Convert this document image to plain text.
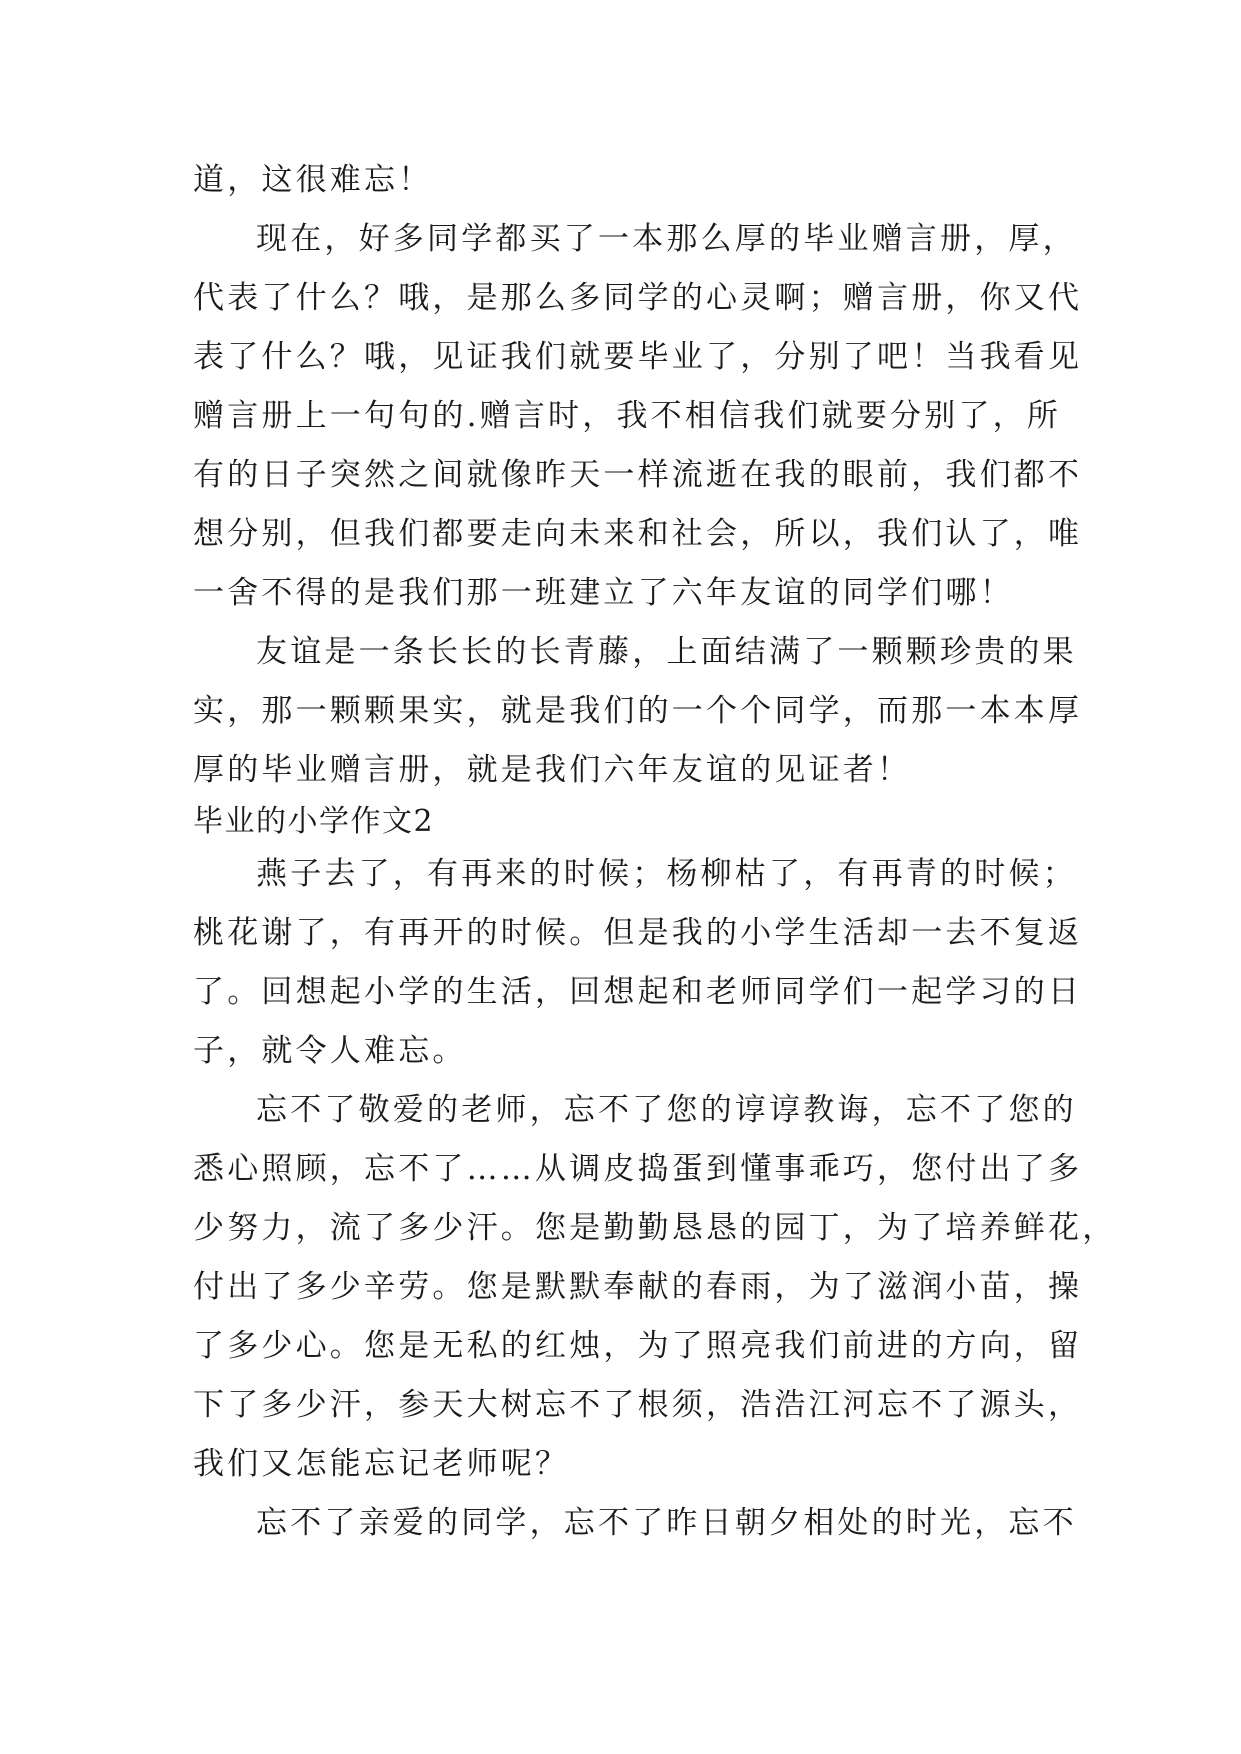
道，这很难忘！
现在，好多同学都买了一本那么厚的毕业赠言册，厚，
代表了什么？哦，是那么多同学的心灵啊；赠言册，你又代
表了什么？哦，见证我们就要毕业了，分别了吧！当我看见
赠言册上一句句的.赠言时，我不相信我们就要分别了，所
有的日子突然之间就像昨天一样流逝在我的眼前，我们都不
想分别，但我们都要走向未来和社会，所以，我们认了，唯
一舍不得的是我们那一班建立了六年友谊的同学们哪！
友谊是一条长长的长青藤，上面结满了一颗颗珍贵的果
实，那一颗颗果实，就是我们的一个个同学，而那一本本厚
厚的毕业赠言册，就是我们六年友谊的见证者！
毕业的小学作文2
燕子去了，有再来的时候；杨柳枯了，有再青的时候；
桃花谢了，有再开的时候。但是我的小学生活却一去不复返
了。回想起小学的生活，回想起和老师同学们一起学习的日
子，就令人难忘。
忘不了敬爱的老师，忘不了您的谆谆教诲，忘不了您的
悉心照顾，忘不了……从调皮捣蛋到懂事乖巧，您付出了多
少努力，流了多少汗。您是勤勤恳恳的园丁，为了培养鲜花，
付出了多少辛劳。您是默默奉献的春雨，为了滋润小苗，操
了多少心。您是无私的红烛，为了照亮我们前进的方向，留
下了多少汗，参天大树忘不了根须，浩浩江河忘不了源头，
我们又怎能忘记老师呢？
忘不了亲爱的同学，忘不了昨日朝夕相处的时光，忘不
